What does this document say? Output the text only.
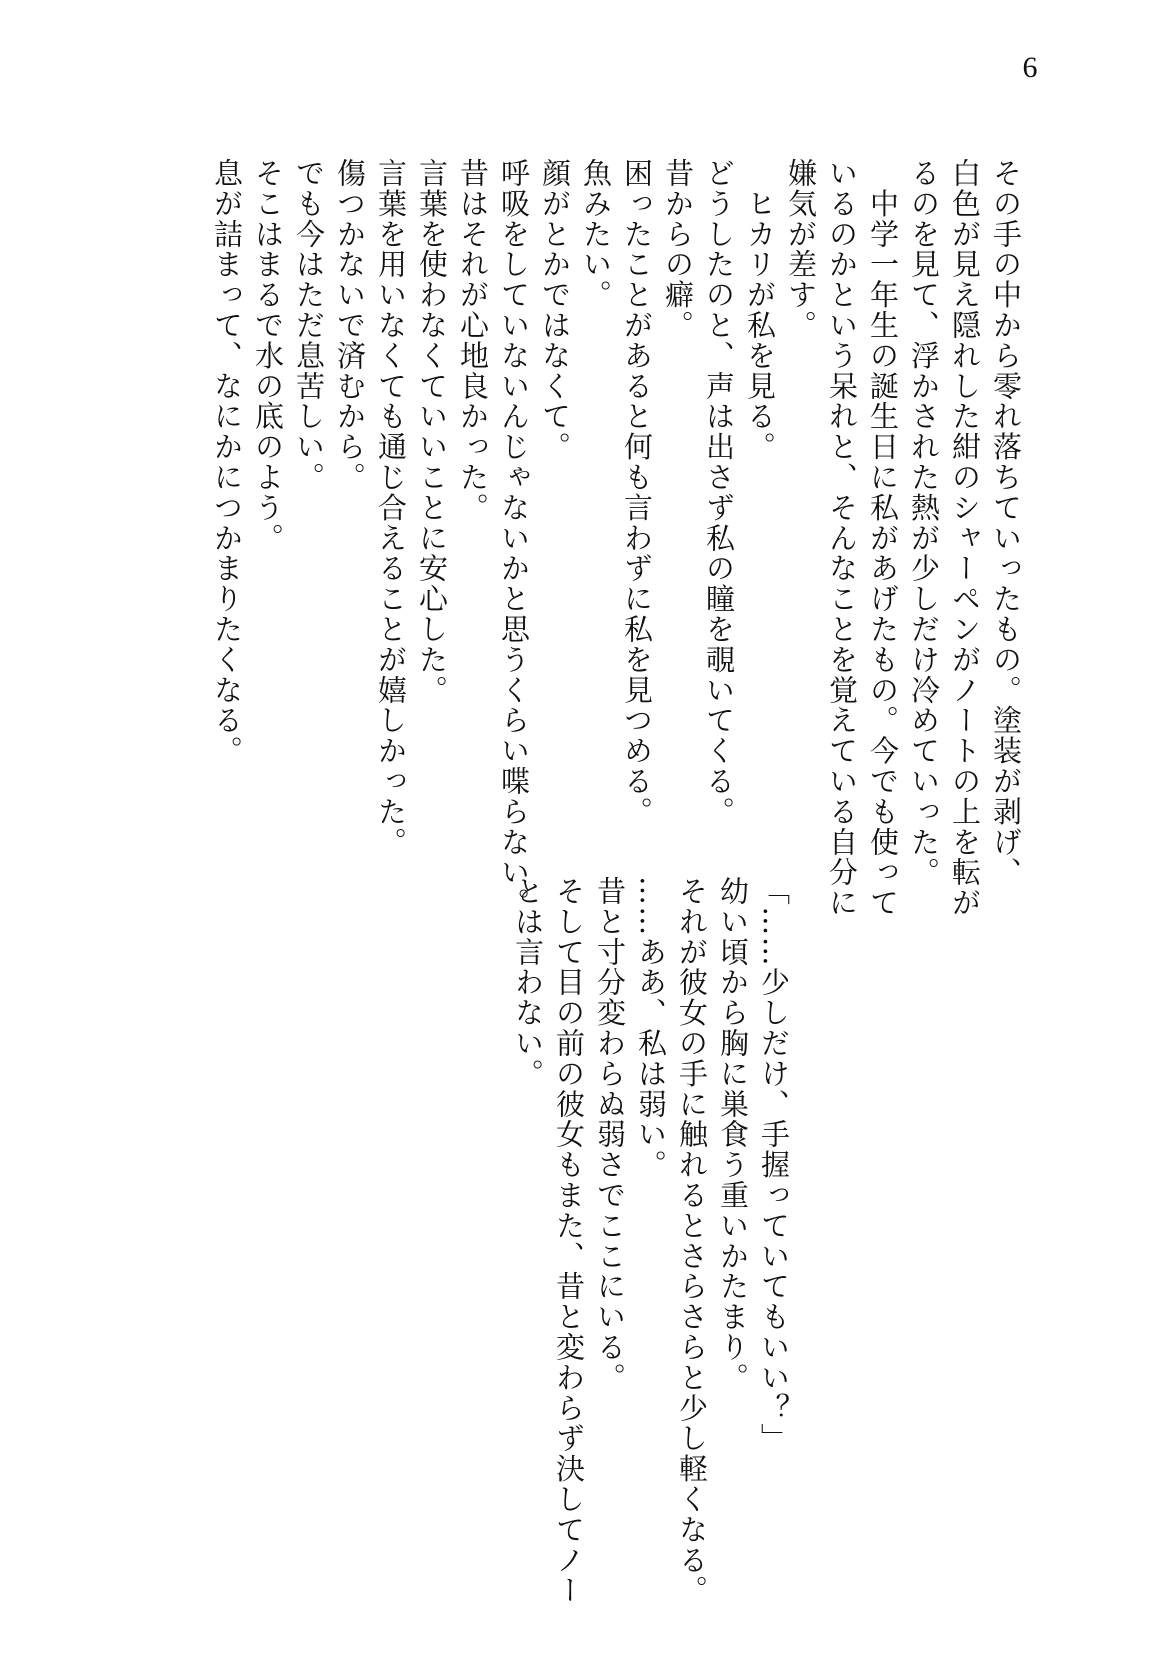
6
その手の中から零れ落ちていったもの。塗装が剥げ、
白色が見え隠れした紺のシャーペンがノートの上を転が
るのを見て、浮かされた熱が少しだけ冷めていった。
　中学一年生の誕生日に私があげたもの。今でも使って
いるのかという呆れと、そんなことを覚えている自分に
嫌気が差す。
　ヒカリが私を見る。
どうしたのと、声は出さず私の瞳を覗いてくる。
昔からの癖。
困ったことがあると何も言わずに私を見つめる。
魚みたい。
顔がとかではなくて。
呼吸をしていないんじゃないかと思うくらい喋らない。
昔はそれが心地良かった。
言葉を使わなくていいことに安心した。
言葉を用いなくても通じ合えることが嬉しかった。
傷つかないで済むから。
でも今はただ息苦しい。
そこはまるで水の底のよう。
息が詰まって、なにかにつかまりたくなる。
「……少しだけ、手握っていてもいい？」
幼い頃から胸に巣食う重いかたまり。
それが彼女の手に触れるとさらさらと少し軽くなる。
……ああ、私は弱い。
昔と寸分変わらぬ弱さでここにいる。
そして目の前の彼女もまた、昔と変わらず決してノー
とは言わない。
